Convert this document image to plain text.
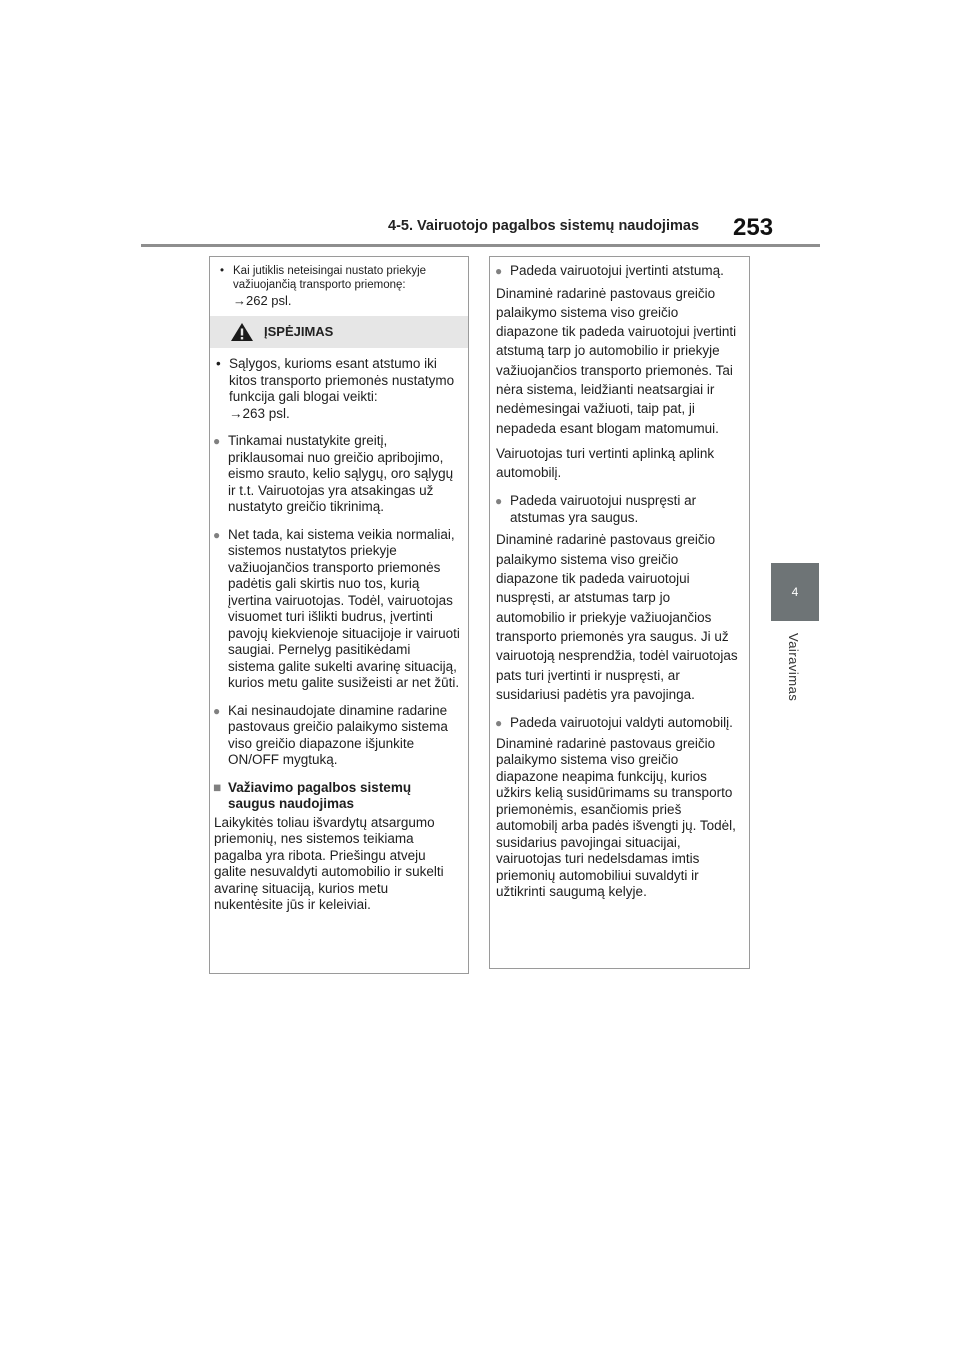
4-5. Vairuotojo pagalbos sistemų naudojimas 253
4
Vairavimas
• Kai jutiklis neteisingai nustato priekyje važiuojančią transporto priemonę:
→262 psl.
ĮSPĖJIMAS
• Sąlygos, kurioms esant atstumo iki kitos transporto priemonės nustatymo funkcija gali blogai veikti:
→263 psl.
● Tinkamai nustatykite greitį, priklausomai nuo greičio apribojimo, eismo srauto, kelio sąlygų, oro sąlygų ir t.t. Vairuotojas yra atsakingas už nustatyto greičio tikrinimą.
● Net tada, kai sistema veikia normaliai, sistemos nustatytos priekyje važiuojančios transporto priemonės padėtis gali skirtis nuo tos, kurią įvertina vairuotojas. Todėl, vairuotojas visuomet turi išlikti budrus, įvertinti pavojų kiekvienoje situacijoje ir vairuoti saugiai. Pernelyg pasitikėdami sistema galite sukelti avarinę situaciją, kurios metu galite susižeisti ar net žūti.
● Kai nesinaudojate dinamine radarine pastovaus greičio palaikymo sistema viso greičio diapazone išjunkite ON/OFF mygtuką.
■ Važiavimo pagalbos sistemų saugus naudojimas
Laikykitės toliau išvardytų atsargumo priemonių, nes sistemos teikiama pagalba yra ribota. Priešingu atveju galite nesuvaldyti automobilio ir sukelti avarinę situaciją, kurios metu nukentėsite jūs ir keleiviai.
● Padeda vairuotojui įvertinti atstumą.
Dinaminė radarinė pastovaus greičio palaikymo sistema viso greičio diapazone tik padeda vairuotojui įvertinti atstumą tarp jo automobilio ir priekyje važiuojančios transporto priemonės. Tai nėra sistema, leidžianti neatsargiai ir nedėmesingai važiuoti, taip pat, ji nepadeda esant blogam matomumui.
Vairuotojas turi vertinti aplinką aplink automobilį.
● Padeda vairuotojui nuspręsti ar atstumas yra saugus.
Dinaminė radarinė pastovaus greičio palaikymo sistema viso greičio diapazone tik padeda vairuotojui nuspręsti, ar atstumas tarp jo automobilio ir priekyje važiuojančios transporto priemonės yra saugus. Ji už vairuotoją nesprendžia, todėl vairuotojas pats turi įvertinti ir nuspręsti, ar susidariusi padėtis yra pavojinga.
● Padeda vairuotojui valdyti automobilį.
Dinaminė radarinė pastovaus greičio palaikymo sistema viso greičio diapazone neapima funkcijų, kurios užkirs kelią susidūrimams su transporto priemonėmis, esančiomis prieš automobilį arba padės išvengti jų. Todėl, susidarius pavojingai situacijai, vairuotojas turi nedelsdamas imtis priemonių automobiliui suvaldyti ir užtikrinti saugumą kelyje.
